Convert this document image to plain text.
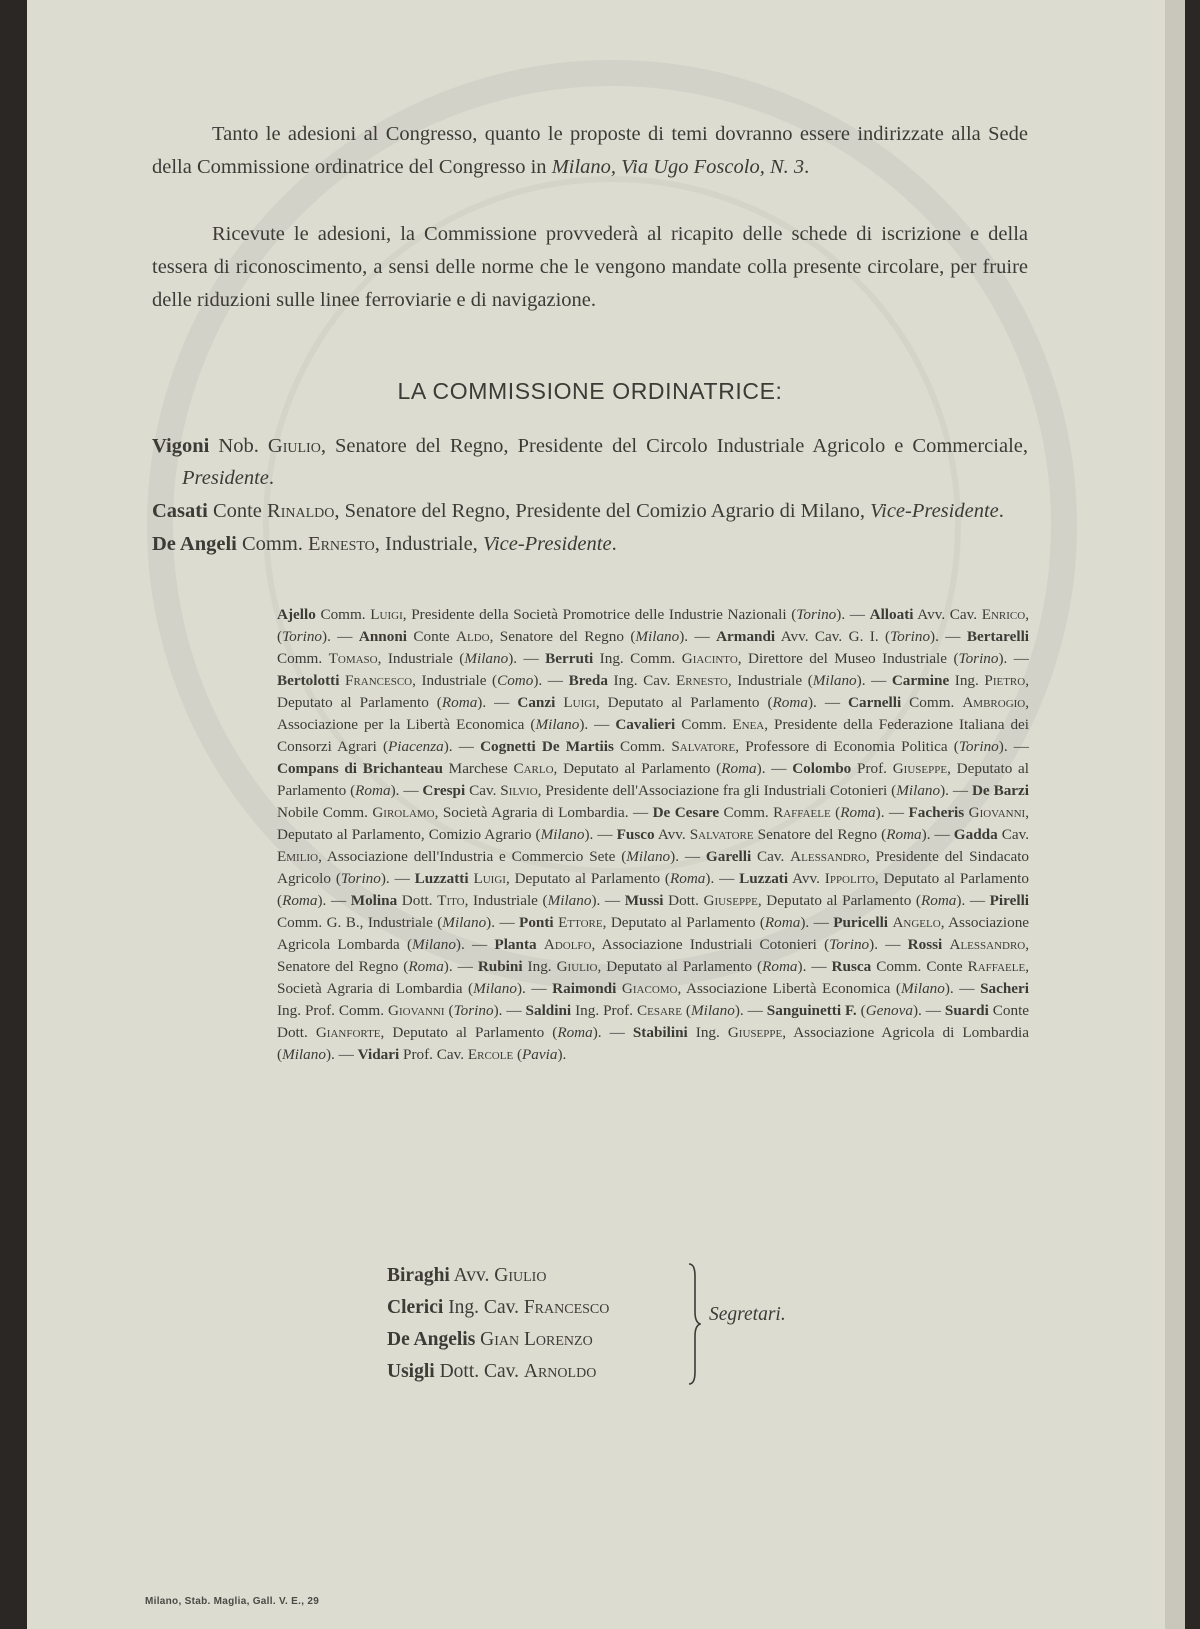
Tanto le adesioni al Congresso, quanto le proposte di temi dovranno essere indirizzate alla Sede della Commissione ordinatrice del Congresso in Milano, Via Ugo Foscolo, N. 3.

Ricevute le adesioni, la Commissione provvederà al ricapito delle schede di iscrizione e della tessera di riconoscimento, a sensi delle norme che le vengono mandate colla presente circolare, per fruire delle riduzioni sulle linee ferroviarie e di navigazione.

LA COMMISSIONE ORDINATRICE:
Vigoni Nob. Giulio, Senatore del Regno, Presidente del Circolo Industriale Agricolo e Commerciale, Presidente.
Casati Conte Rinaldo, Senatore del Regno, Presidente del Comizio Agrario di Milano, Vice-Presidente.
De Angeli Comm. Ernesto, Industriale, Vice-Presidente.

Ajello Comm. Luigi, Presidente della Società Promotrice delle Industrie Nazionali (Torino). — Alloati Avv. Cav. Enrico, (Torino). — Annoni Conte Aldo, Senatore del Regno (Milano). — Armandi Avv. Cav. G. I. (Torino). — Bertarelli Comm. Tomaso, Industriale (Milano). — Berruti Ing. Comm. Giacinto, Direttore del Museo Industriale (Torino). — Bertolotti Francesco, Industriale (Como). — Breda Ing. Cav. Ernesto, Industriale (Milano). — Carmine Ing. Pietro, Deputato al Parlamento (Roma). — Canzi Luigi, Deputato al Parlamento (Roma). — Carnelli Comm. Ambrogio, Associazione per la Libertà Economica (Milano). — Cavalieri Comm. Enea, Presidente della Federazione Italiana dei Consorzi Agrari (Piacenza). — Cognetti De Martiis Comm. Salvatore, Professore di Economia Politica (Torino). — Compans di Brichanteau Marchese Carlo, Deputato al Parlamento (Roma). — Colombo Prof. Giuseppe, Deputato al Parlamento (Roma). — Crespi Cav. Silvio, Presidente dell'Associazione fra gli Industriali Cotonieri (Milano). — De Barzi Nobile Comm. Girolamo, Società Agraria di Lombardia. — De Cesare Comm. Raffaele (Roma). — Facheris Giovanni, Deputato al Parlamento, Comizio Agrario (Milano). — Fusco Avv. Salvatore Senatore del Regno (Roma). — Gadda Cav. Emilio, Associazione dell'Industria e Commercio Sete (Milano). — Garelli Cav. Alessandro, Presidente del Sindacato Agricolo (Torino). — Luzzatti Luigi, Deputato al Parlamento (Roma). — Luzzati Avv. Ippolito, Deputato al Parlamento (Roma). — Molina Dott. Tito, Industriale (Milano). — Mussi Dott. Giuseppe, Deputato al Parlamento (Roma). — Pirelli Comm. G. B., Industriale (Milano). — Ponti Ettore, Deputato al Parlamento (Roma). — Puricelli Angelo, Associazione Agricola Lombarda (Milano). — Planta Adolfo, Associazione Industriali Cotonieri (Torino). — Rossi Alessandro, Senatore del Regno (Roma). — Rubini Ing. Giulio, Deputato al Parlamento (Roma). — Rusca Comm. Conte Raffaele, Società Agraria di Lombardia (Milano). — Raimondi Giacomo, Associazione Libertà Economica (Milano). — Sacheri Ing. Prof. Comm. Giovanni (Torino). — Saldini Ing. Prof. Cesare (Milano). — Sanguinetti F. (Genova). — Suardi Conte Dott. Gianforte, Deputato al Parlamento (Roma). — Stabilini Ing. Giuseppe, Associazione Agricola di Lombardia (Milano). — Vidari Prof. Cav. Ercole (Pavia).

Biraghi Avv. Giulio
Clerici Ing. Cav. Francesco
De Angelis Gian Lorenzo
Usigli Dott. Cav. Arnoldo
Segretari.
Milano, Stab. Maglia, Gall. V. E., 29
